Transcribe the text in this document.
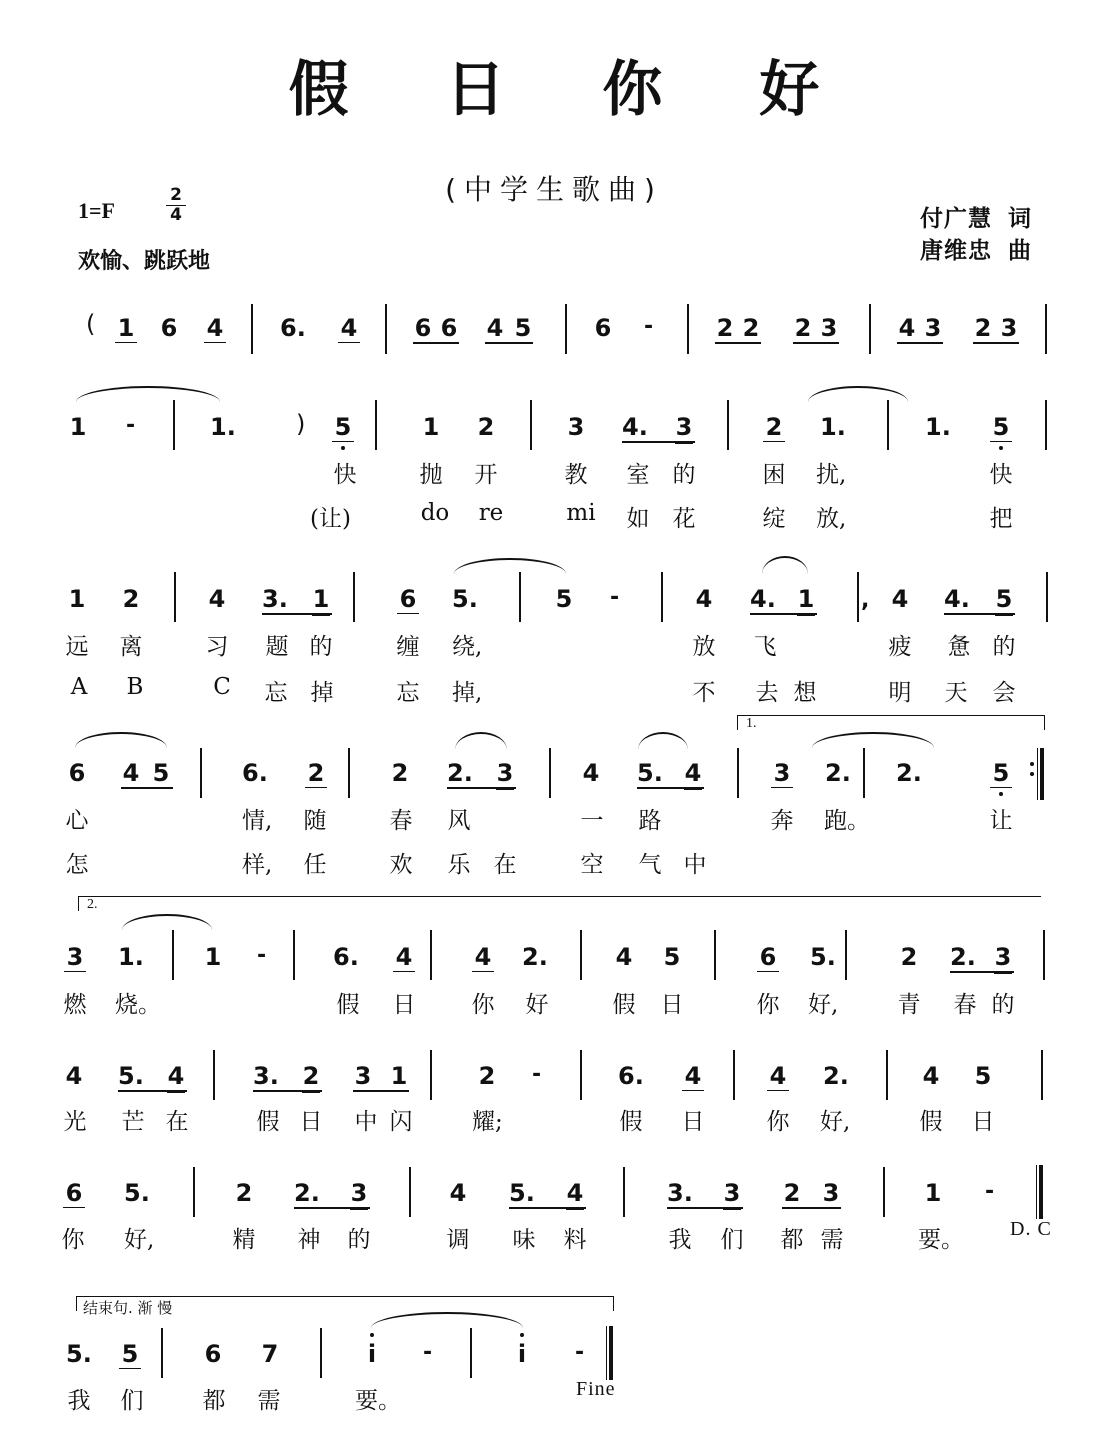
假 日 你 好
(中学生歌曲)
1=F	$\frac{2}{4}$
欢愉、跳跃地
付广慧 词
唐维忠 曲
( 1 6 4 6. 4 6 6 4 5	6 -	2 2 2 3	4 3 2 3
1 -	1.	) 5	1 2	3 4.	3	2 1.	1.	5
快	抛 开	教 室 的	困 扰,	快
(让)	do re	mi 如 花	绽 放,	把
1 2	4 3.	1	6 5.	5 -	4 4. 1 , 4 4.	5
远 离	习 题 的	缠 绕,	放 飞	疲 惫 的
A B	C 忘 掉	忘 掉,	不 去 想	明 天 会
1.
6 4 5	6.	2	2 2. 3	4 5. 4	3 2.	2.	5
心	情,	随	春 风	一 路	奔 跑。	让
怎	样,	任	欢 乐 在	空 气 中
2.
3 1.	1 -	6.	4	4 2.	4 5	6 5.	2 2. 3
燃 烧。	假 日 你 好	假 日	你 好,	青 春 的
4 5. 4	3. 2 3 1	2 -	6.	4	4 2.	4 5
光 芒 在	假 日 中 闪	耀;	假 日	你 好,	假 日
6 5.	2 2.	3	4 5.	4	3.	3 2 3	1 -
你 好,	精 神 的	调 味 料	我 们 都 需	要。 D. C
结束句. 渐 慢
5.	5	6 7	i	-	i	-
我 们	都 需	要。	Fine
